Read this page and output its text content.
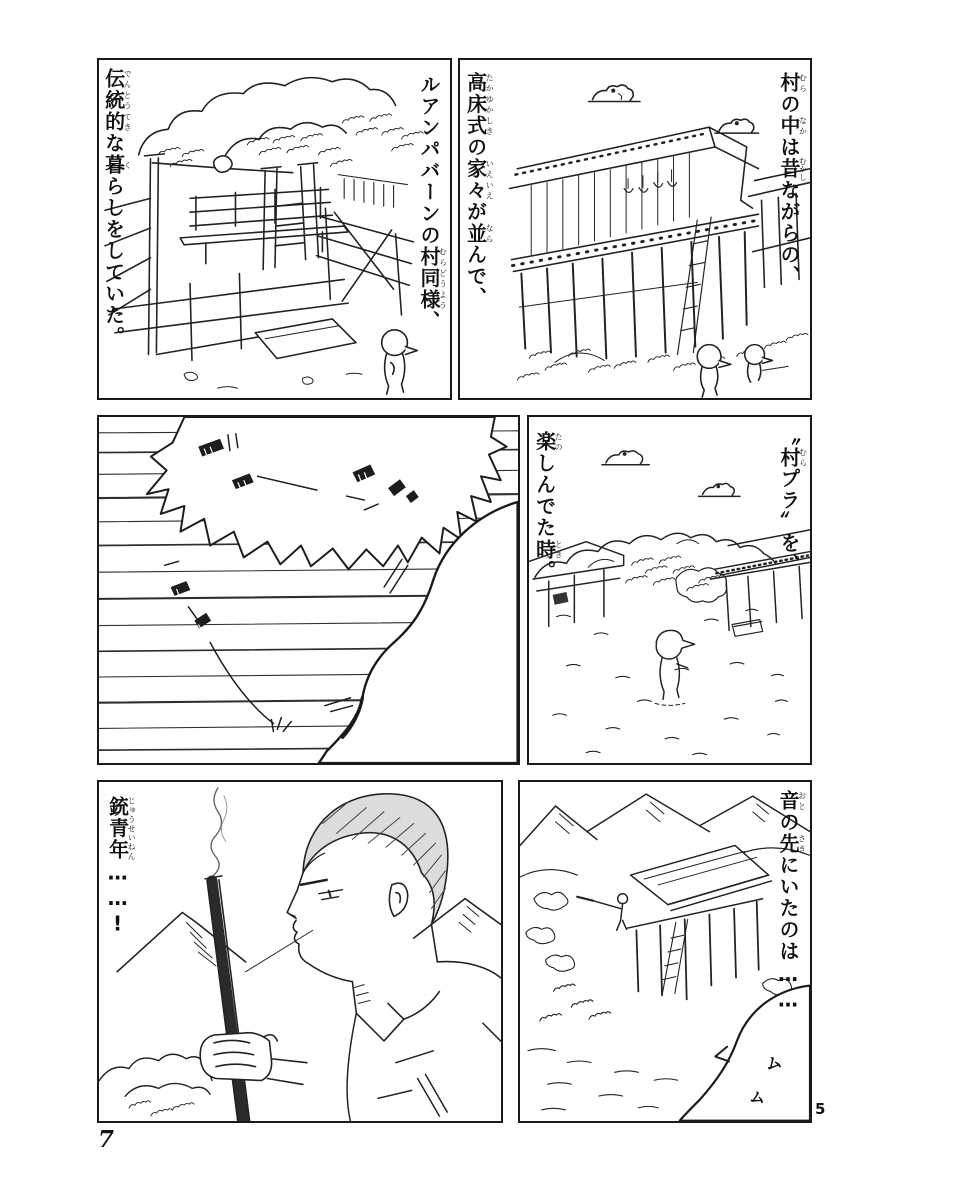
ルアンパバーンの村同様むらどうよう、
伝統的でんとうてきな暮くらしをしていた。
村むらの中なかは昔むかしながらの、
高床式たかゆかしきの家々いえいえが並ならんで、
〝村むらプラ〟を、
楽たのしんでた時とき。
銃青年じゅうせいねん……!
ム
ム
音おとの先さきにいたのは……
7
5
